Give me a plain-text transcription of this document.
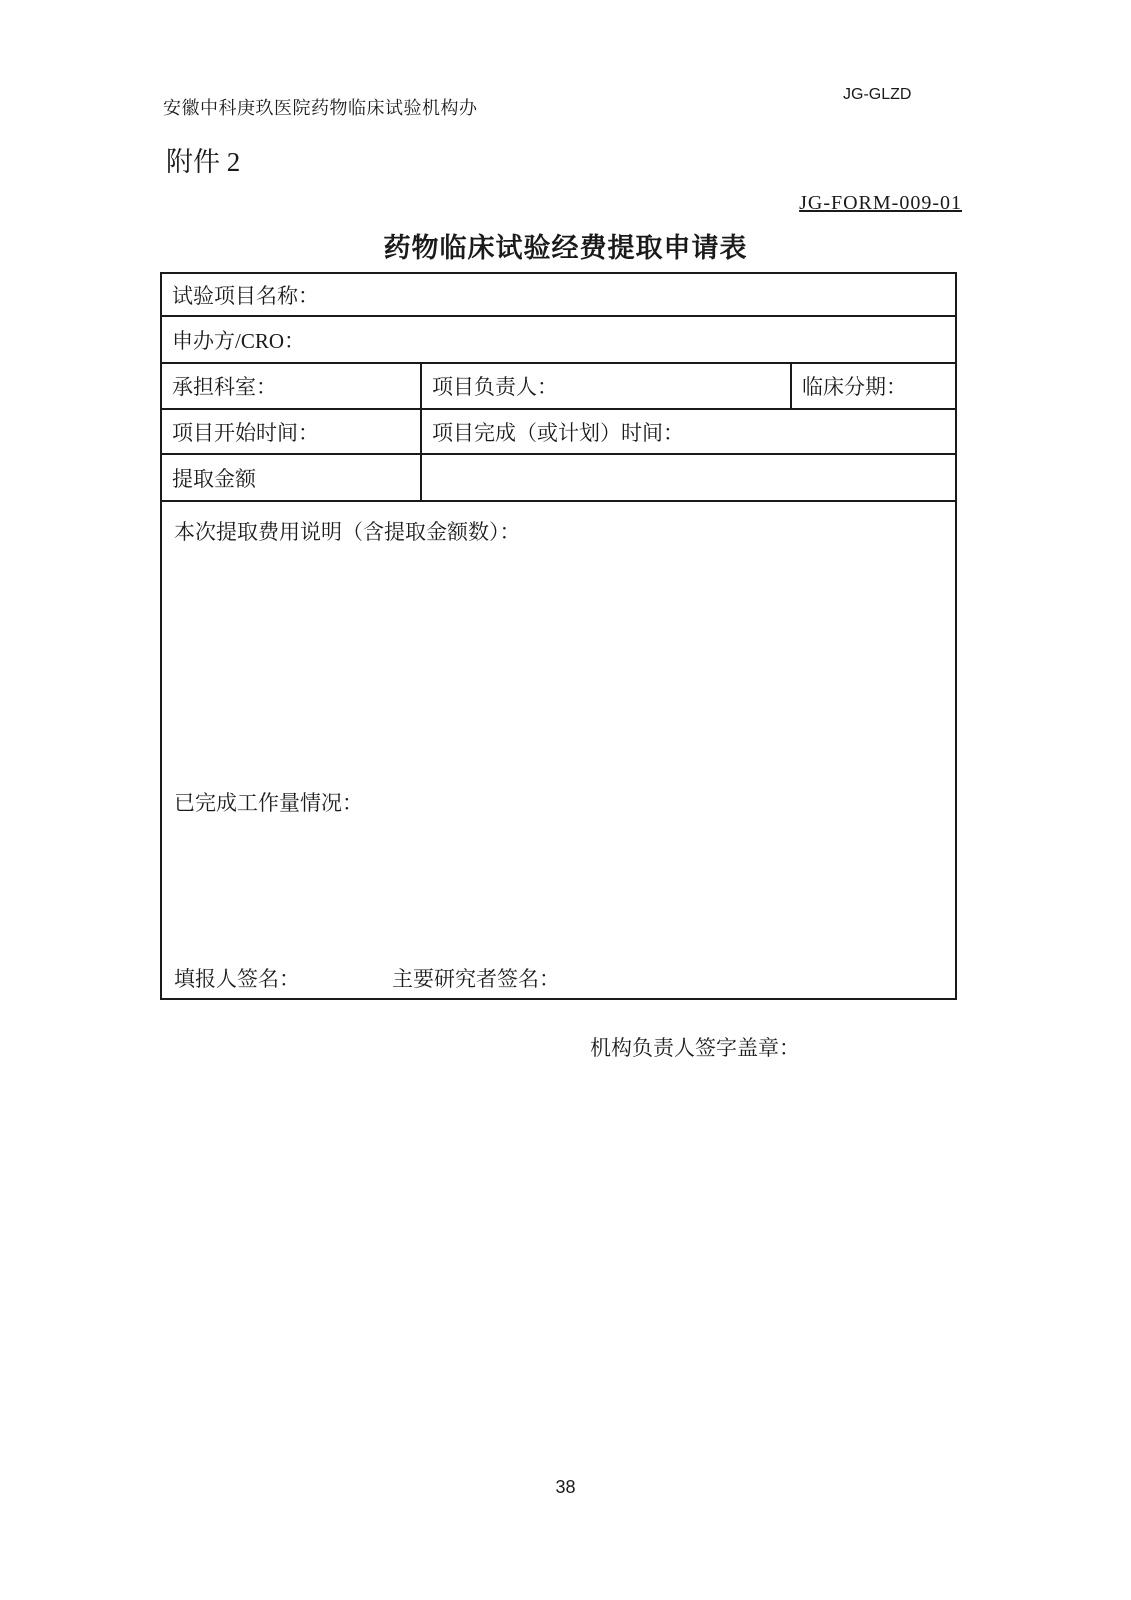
安徽中科庚玖医院药物临床试验机构办
JG-GLZD
附件 2
JG-FORM-009-01
药物临床试验经费提取申请表
试验项目名称：		
申办方/CRO：		
承担科室：	项目负责人：	临床分期：
项目开始时间：	项目完成（或计划）时间：	
提取金额		

本次提取费用说明（含提取金额数）：
已完成工作量情况：
填报人签名： 主要研究者签名：		
机构负责人签字盖章：
38
